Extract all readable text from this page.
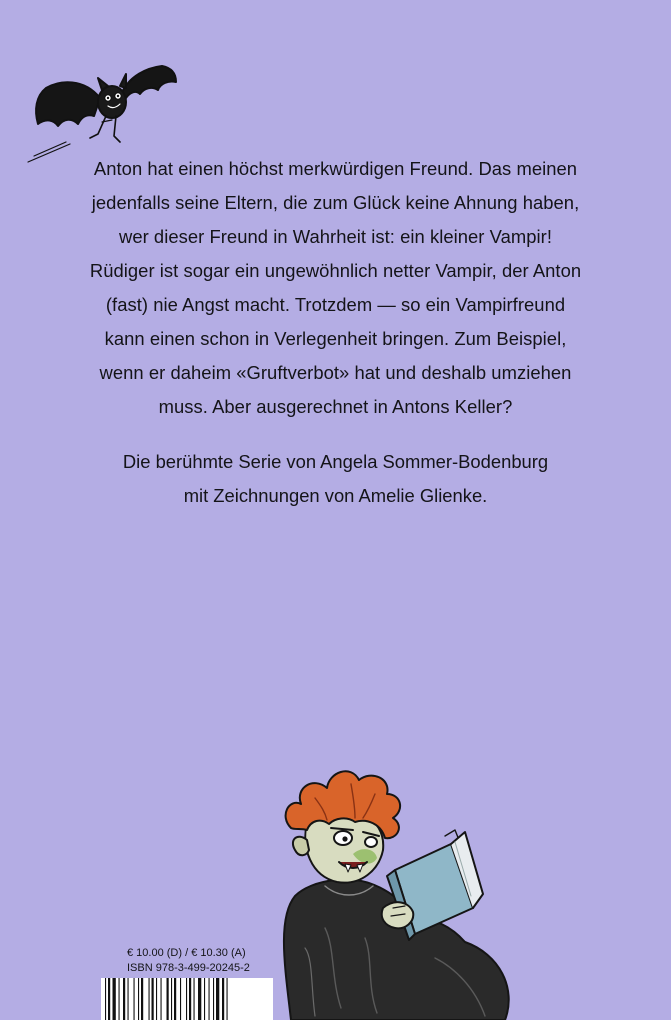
Anton hat einen höchst merkwürdigen Freund. Das meinen
jedenfalls seine Eltern, die zum Glück keine Ahnung haben,
wer dieser Freund in Wahrheit ist: ein kleiner Vampir!
Rüdiger ist sogar ein ungewöhnlich netter Vampir, der Anton
(fast) nie Angst macht. Trotzdem — so ein Vampirfreund
kann einen schon in Verlegenheit bringen. Zum Beispiel,
wenn er daheim «Gruftverbot» hat und deshalb umziehen
muss. Aber ausgerechnet in Antons Keller?
Die berühmte Serie von Angela Sommer-Bodenburg
mit Zeichnungen von Amelie Glienke.
€ 10.00 (D) / € 10.30 (A)
ISBN 978-3-499-20245-2
